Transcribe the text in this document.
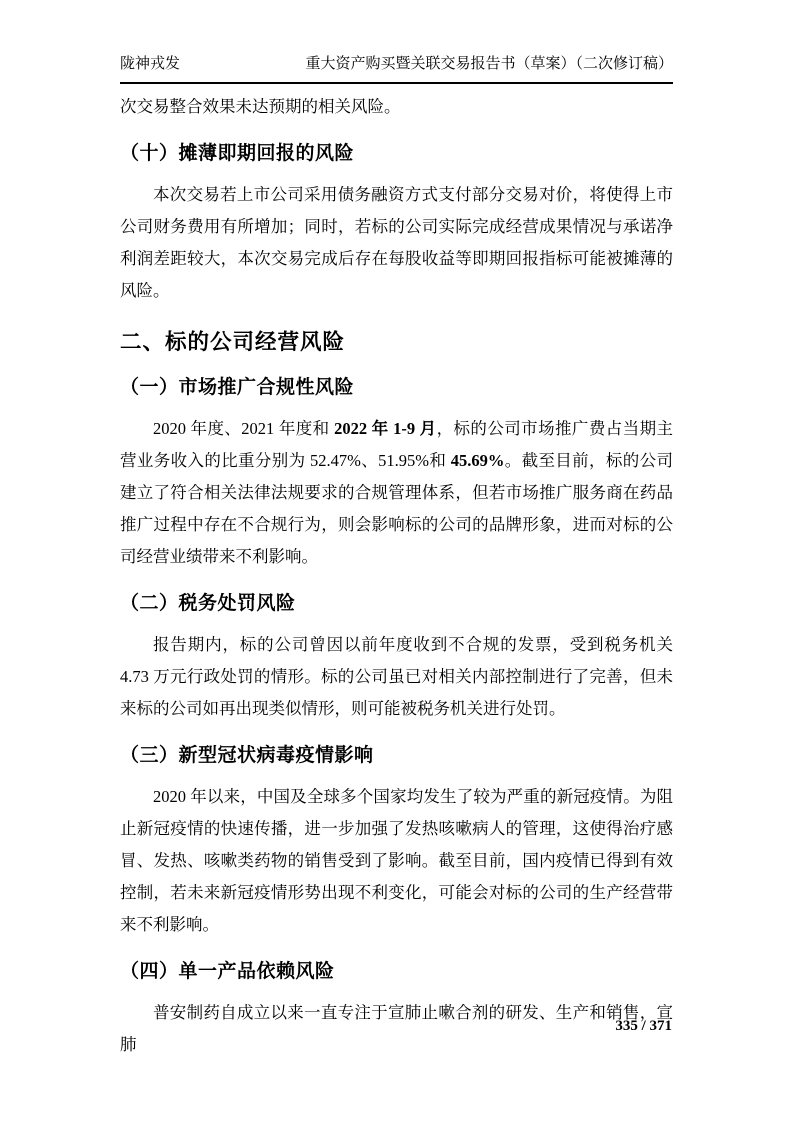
陇神戎发	重大资产购买暨关联交易报告书（草案）（二次修订稿）

次交易整合效果未达预期的相关风险。

（十）摊薄即期回报的风险

本次交易若上市公司采用债务融资方式支付部分交易对价，将使得上市公司财务费用有所增加；同时，若标的公司实际完成经营成果情况与承诺净利润差距较大，本次交易完成后存在每股收益等即期回报指标可能被摊薄的风险。

二、标的公司经营风险
（一）市场推广合规性风险

2020 年度、2021 年度和 2022 年 1-9 月，标的公司市场推广费占当期主营业务收入的比重分别为 52.47%、51.95%和 45.69%。截至目前，标的公司建立了符合相关法律法规要求的合规管理体系，但若市场推广服务商在药品推广过程中存在不合规行为，则会影响标的公司的品牌形象，进而对标的公司经营业绩带来不利影响。

（二）税务处罚风险

报告期内，标的公司曾因以前年度收到不合规的发票，受到税务机关 4.73 万元行政处罚的情形。标的公司虽已对相关内部控制进行了完善，但未来标的公司如再出现类似情形，则可能被税务机关进行处罚。

（三）新型冠状病毒疫情影响

2020 年以来，中国及全球多个国家均发生了较为严重的新冠疫情。为阻止新冠疫情的快速传播，进一步加强了发热咳嗽病人的管理，这使得治疗感冒、发热、咳嗽类药物的销售受到了影响。截至目前，国内疫情已得到有效控制，若未来新冠疫情形势出现不利变化，可能会对标的公司的生产经营带来不利影响。

（四）单一产品依赖风险

普安制药自成立以来一直专注于宣肺止嗽合剂的研发、生产和销售，宣肺

335 / 371
